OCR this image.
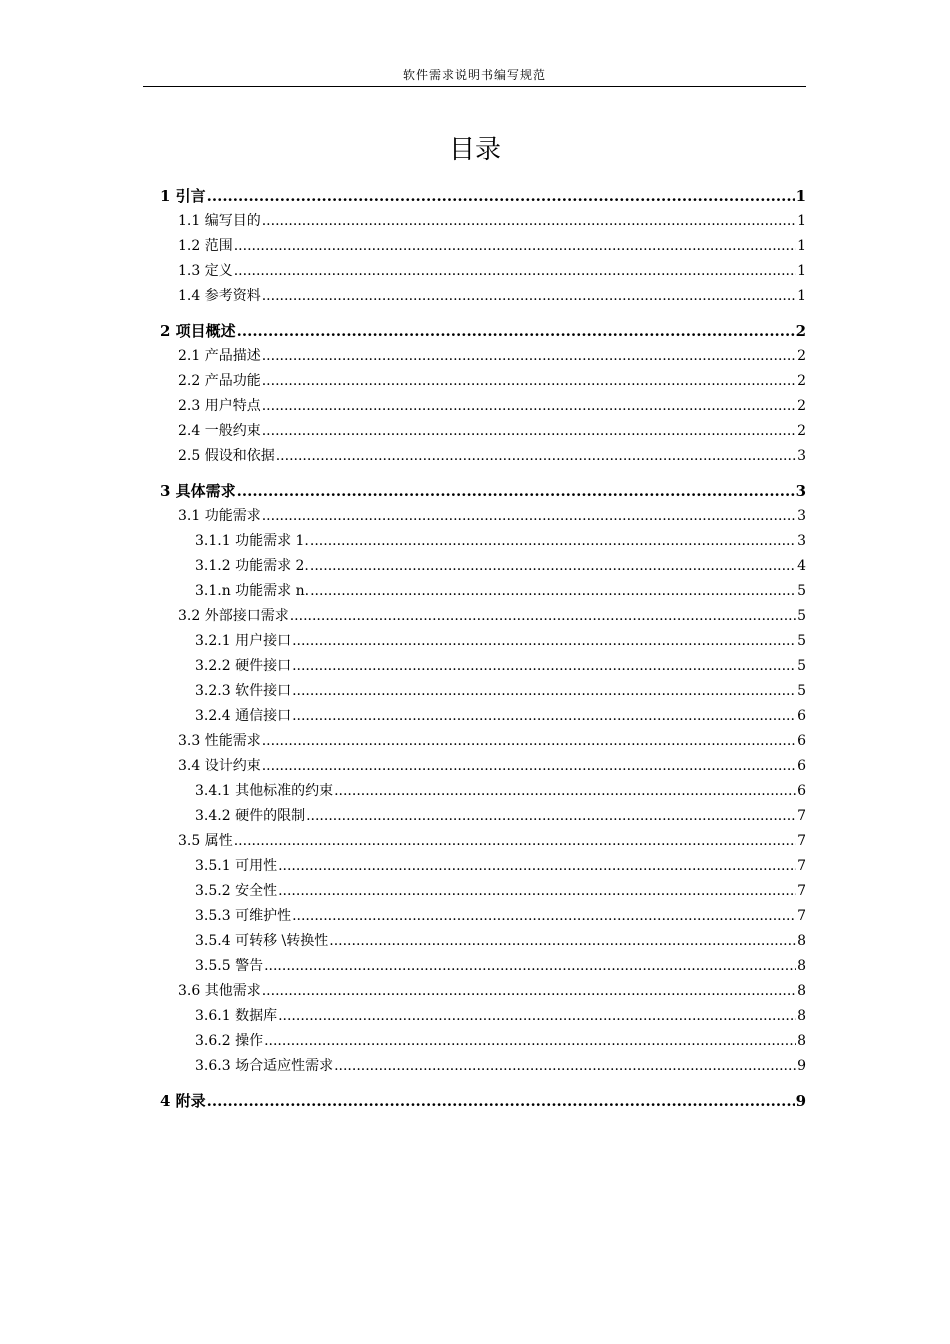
软件需求说明书编写规范
目录
1 引言 .....	1
1.1 编写目的 .....	1
1.2 范围 .....	1
1.3 定义 .....	1
1.4 参考资料 .....	1
2 项目概述 .....	2
2.1 产品描述 .....	2
2.2 产品功能 .....	2
2.3 用户特点 .....	2
2.4 一般约束 .....	2
2.5 假设和依据 .....	3
3 具体需求 .....	3
3.1 功能需求 .....	3
3.1.1 功能需求 1. .....	3
3.1.2 功能需求 2. .....	4
3.1.n 功能需求 n. .....	5
3.2 外部接口需求 .....	5
3.2.1 用户接口 .....	5
3.2.2 硬件接口 .....	5
3.2.3 软件接口 .....	5
3.2.4 通信接口 .....	6
3.3 性能需求 .....	6
3.4 设计约束 .....	6
3.4.1 其他标准的约束 .....	6
3.4.2 硬件的限制 .....	7
3.5 属性 .....	7
3.5.1 可用性 .....	7
3.5.2 安全性 .....	7
3.5.3 可维护性 .....	7
3.5.4 可转移 \转换性 .....	8
3.5.5 警告 .....	8
3.6 其他需求 .....	8
3.6.1 数据库 .....	8
3.6.2 操作 .....	8
3.6.3 场合适应性需求 .....	9
4 附录 .....	9
